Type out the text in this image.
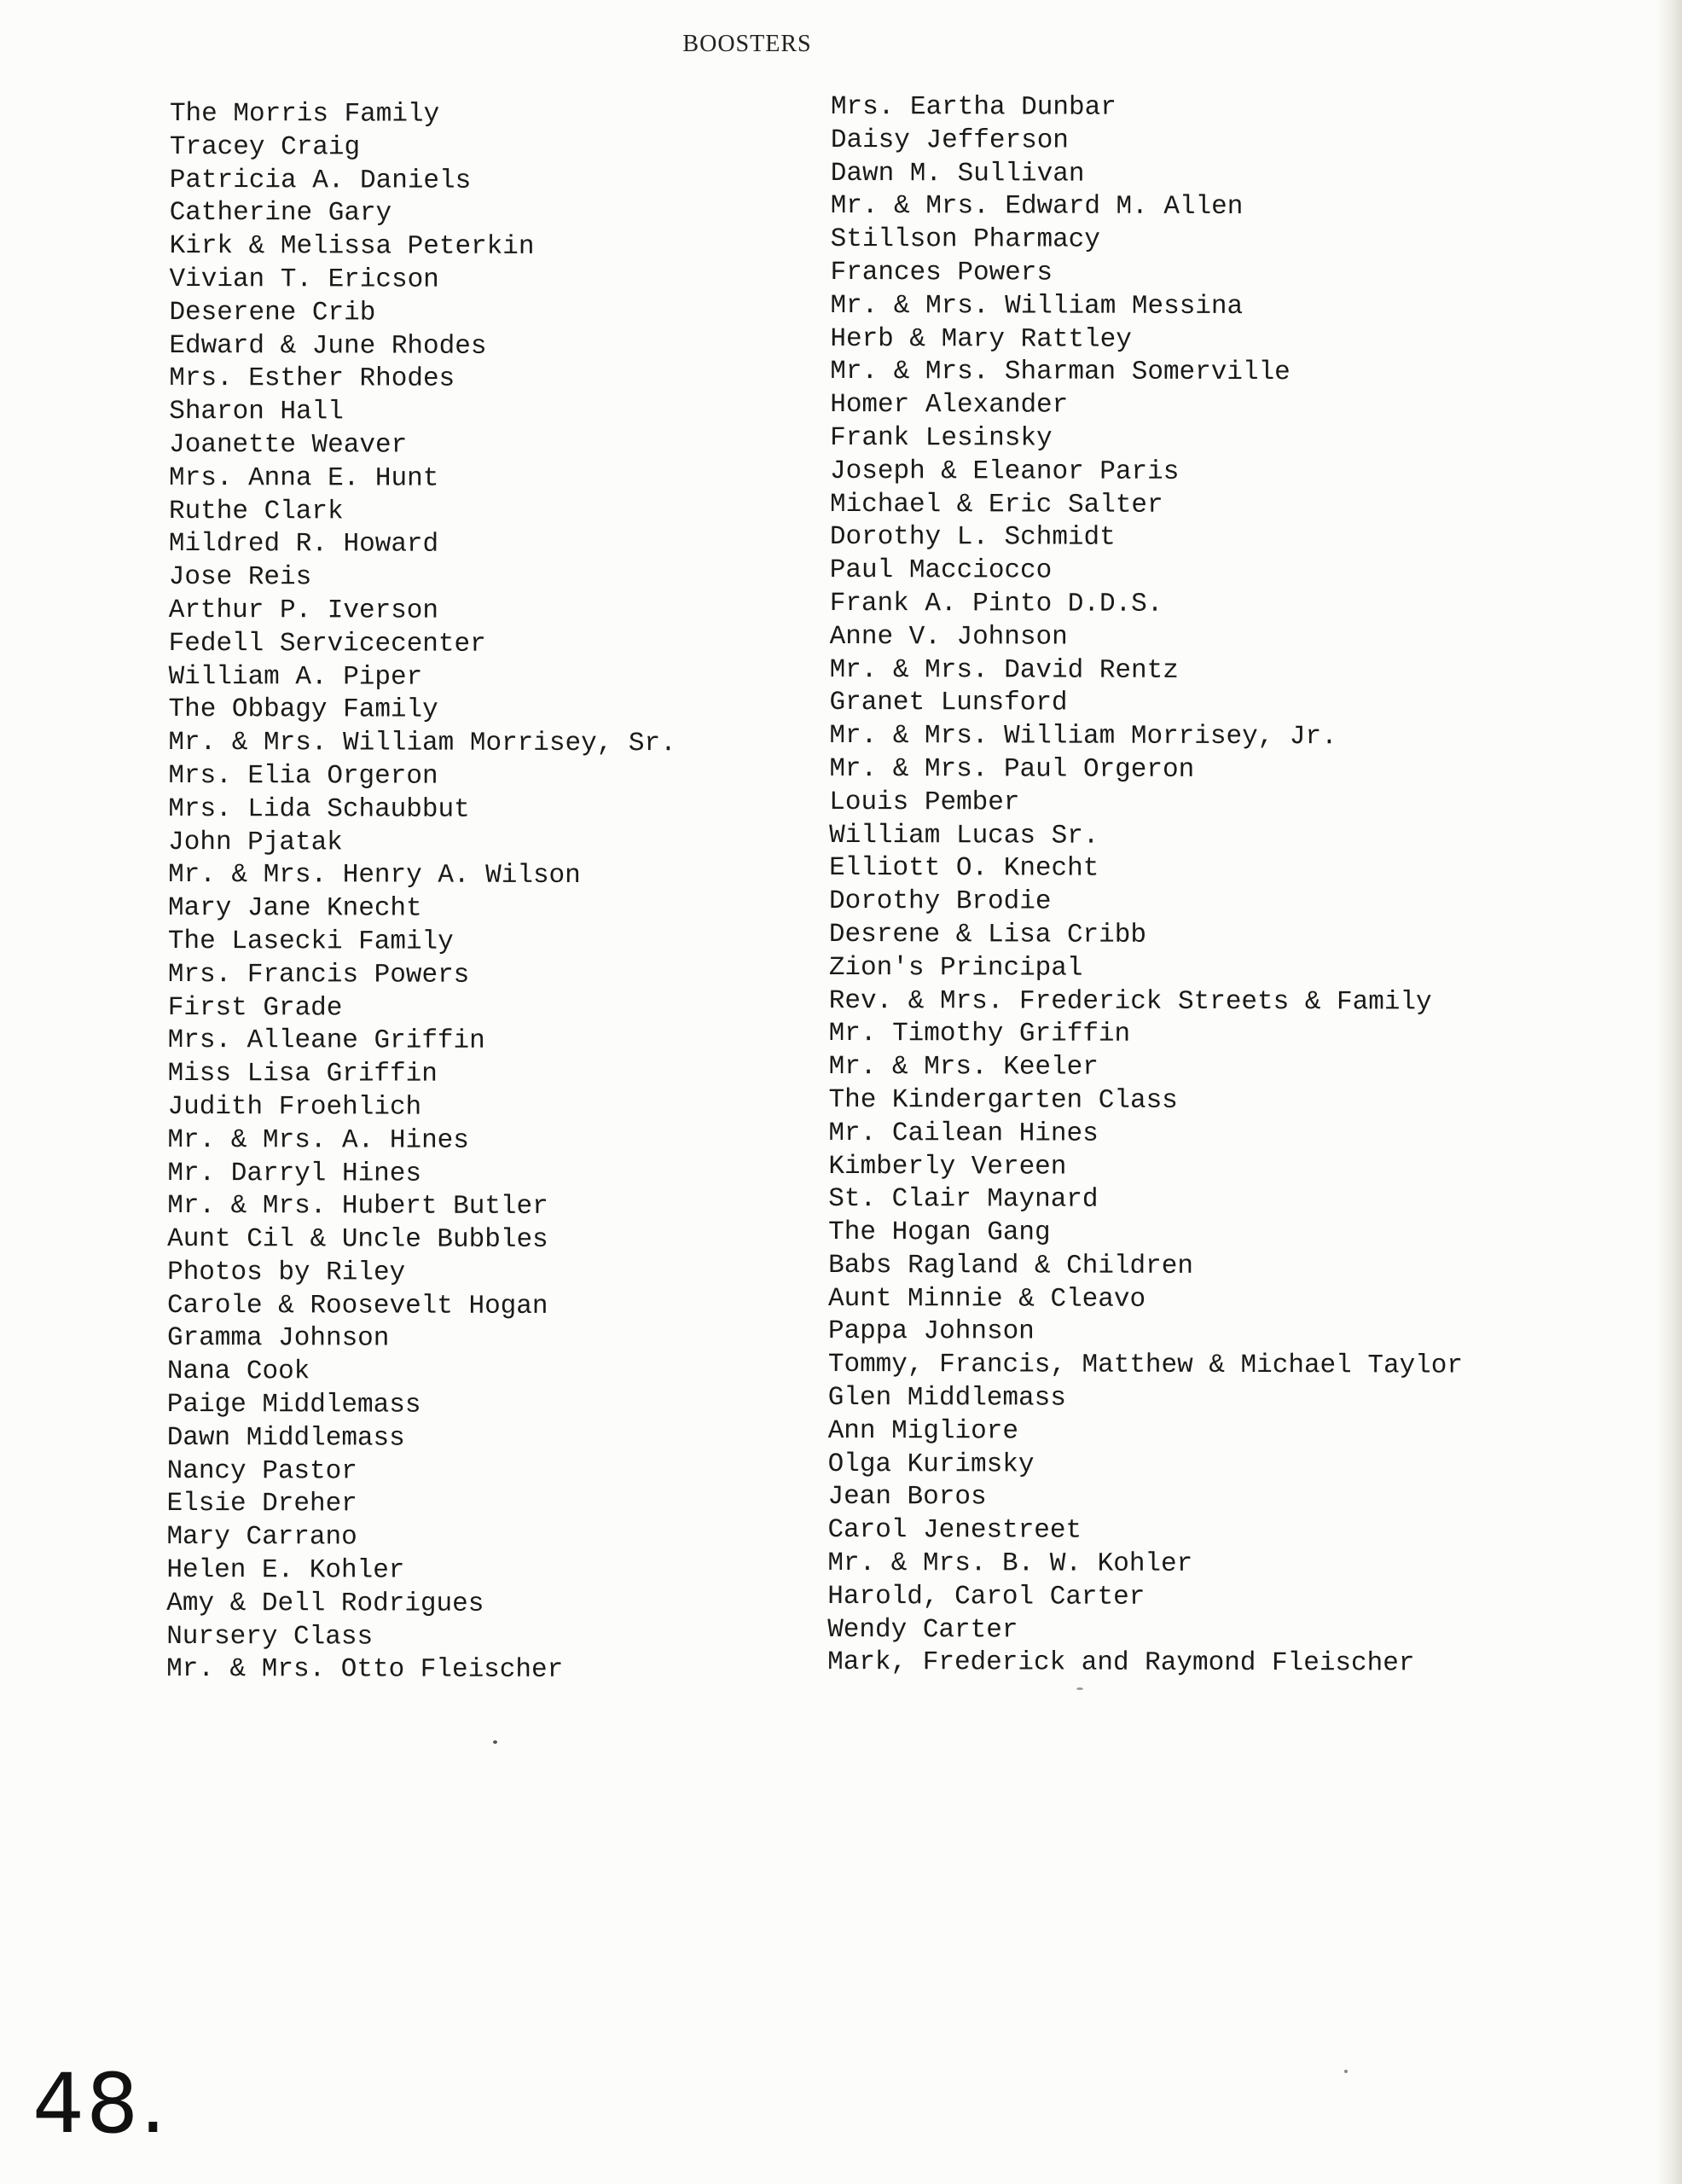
BOOSTERS
The Morris Family
Tracey Craig
Patricia A. Daniels
Catherine Gary
Kirk & Melissa Peterkin
Vivian T. Ericson
Deserene Crib
Edward & June Rhodes
Mrs. Esther Rhodes
Sharon Hall
Joanette Weaver
Mrs. Anna E. Hunt
Ruthe Clark
Mildred R. Howard
Jose Reis
Arthur P. Iverson
Fedell Servicecenter
William A. Piper
The Obbagy Family
Mr. & Mrs. William Morrisey, Sr.
Mrs. Elia Orgeron
Mrs. Lida Schaubbut
John Pjatak
Mr. & Mrs. Henry A. Wilson
Mary Jane Knecht
The Lasecki Family
Mrs. Francis Powers
First Grade
Mrs. Alleane Griffin
Miss Lisa Griffin
Judith Froehlich
Mr. & Mrs. A. Hines
Mr. Darryl Hines
Mr. & Mrs. Hubert Butler
Aunt Cil & Uncle Bubbles
Photos by Riley
Carole & Roosevelt Hogan
Gramma Johnson
Nana Cook
Paige Middlemass
Dawn Middlemass
Nancy Pastor
Elsie Dreher
Mary Carrano
Helen E. Kohler
Amy & Dell Rodrigues
Nursery Class
Mr. & Mrs. Otto Fleischer
Mrs. Eartha Dunbar
Daisy Jefferson
Dawn M. Sullivan
Mr. & Mrs. Edward M. Allen
Stillson Pharmacy
Frances Powers
Mr. & Mrs. William Messina
Herb & Mary Rattley
Mr. & Mrs. Sharman Somerville
Homer Alexander
Frank Lesinsky
Joseph & Eleanor Paris
Michael & Eric Salter
Dorothy L. Schmidt
Paul Macciocco
Frank A. Pinto D.D.S.
Anne V. Johnson
Mr. & Mrs. David Rentz
Granet Lunsford
Mr. & Mrs. William Morrisey, Jr.
Mr. & Mrs. Paul Orgeron
Louis Pember
William Lucas Sr.
Elliott O. Knecht
Dorothy Brodie
Desrene & Lisa Cribb
Zion's Principal
Rev. & Mrs. Frederick Streets & Family
Mr. Timothy Griffin
Mr. & Mrs. Keeler
The Kindergarten Class
Mr. Cailean Hines
Kimberly Vereen
St. Clair Maynard
The Hogan Gang
Babs Ragland & Children
Aunt Minnie & Cleavo
Pappa Johnson
Tommy, Francis, Matthew & Michael Taylor
Glen Middlemass
Ann Migliore
Olga Kurimsky
Jean Boros
Carol Jenestreet
Mr. & Mrs. B. W. Kohler
Harold, Carol Carter
Wendy Carter
Mark, Frederick and Raymond Fleischer
48.
